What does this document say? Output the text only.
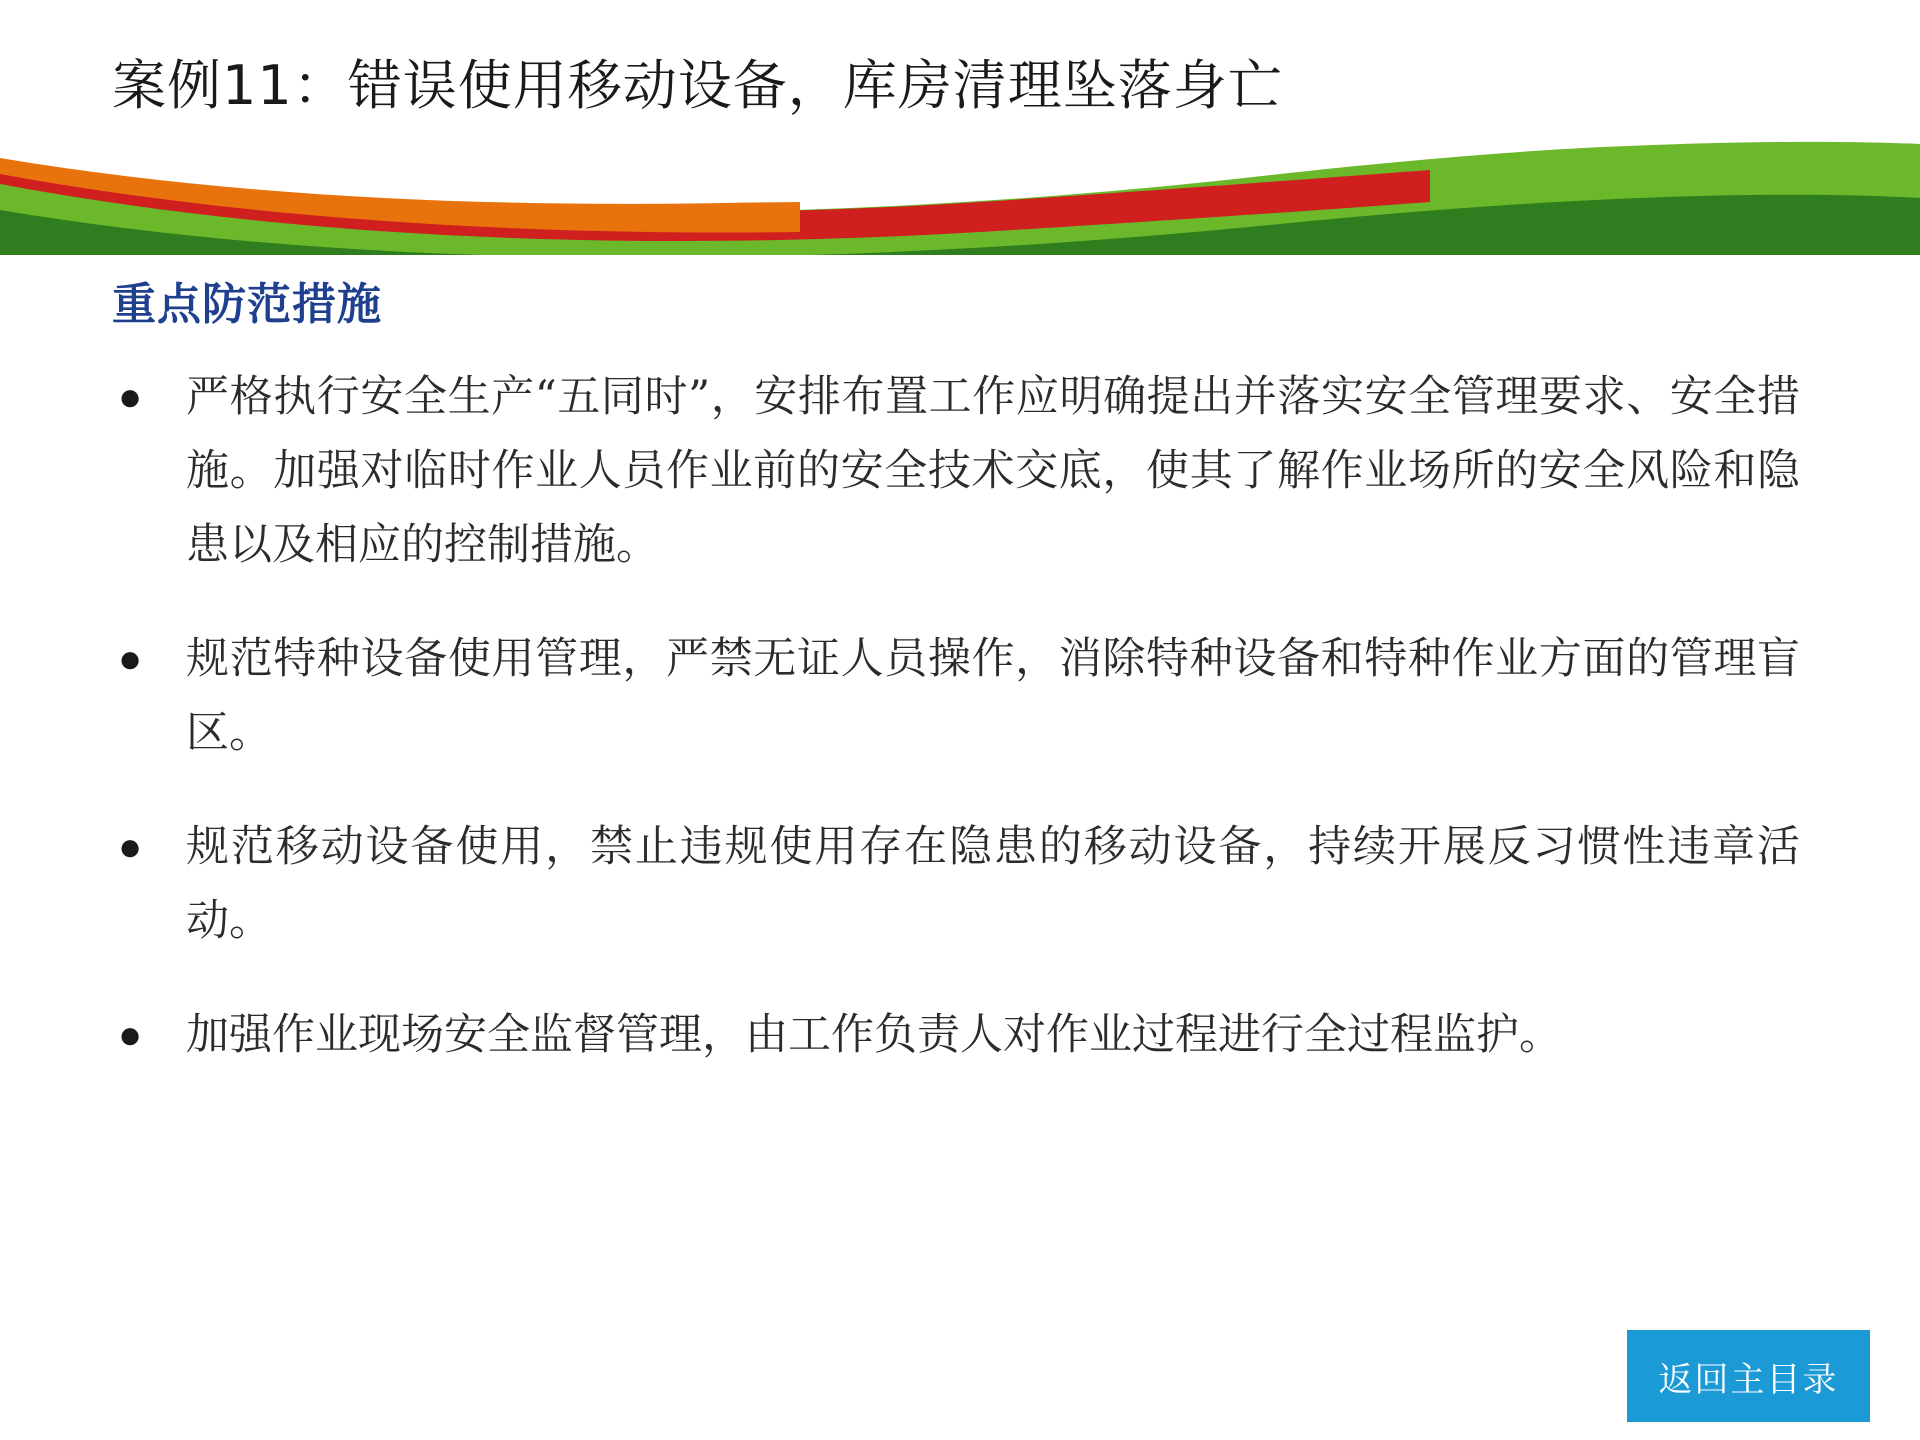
案例11：错误使用移动设备，库房清理坠落身亡
重点防范措施
●	严格执行安全生产“五同时”，安排布置工作应明确提出并落实安全管理要求、安全措施。加强对临时作业人员作业前的安全技术交底，使其了解作业场所的安全风险和隐患以及相应的控制措施。
●	规范特种设备使用管理，严禁无证人员操作，消除特种设备和特种作业方面的管理盲区。
●	规范移动设备使用，禁止违规使用存在隐患的移动设备，持续开展反习惯性违章活动。
●	加强作业现场安全监督管理，由工作负责人对作业过程进行全过程监护。
返回主目录
